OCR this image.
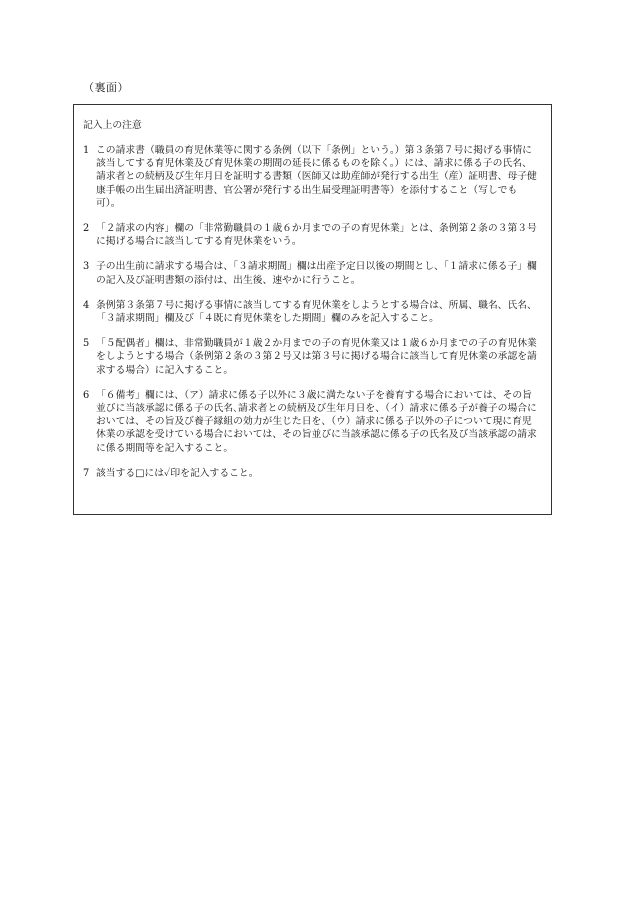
（裏面）
記入上の注意
1 この請求書（職員の育児休業等に関する条例（以下「条例」という。）第３条第７号に掲げる事情に該当してする育児休業及び育児休業の期間の延長に係るものを除く。）には、請求に係る子の氏名、請求者との続柄及び生年月日を証明する書類（医師又は助産師が発行する出生（産）証明書、母子健康手帳の出生届出済証明書、官公署が発行する出生届受理証明書等）を添付すること（写しでも可）。
2 「２請求の内容」欄の「非常勤職員の１歳６か月までの子の育児休業」とは、条例第２条の３第３号に掲げる場合に該当してする育児休業をいう。
3 子の出生前に請求する場合は、「３請求期間」欄は出産予定日以後の期間とし、「１請求に係る子」欄の記入及び証明書類の添付は、出生後、速やかに行うこと。
4 条例第３条第７号に掲げる事情に該当してする育児休業をしようとする場合は、所属、職名、氏名、「３請求期間」欄及び「４既に育児休業をした期間」欄のみを記入すること。
5 「５配偶者」欄は、非常勤職員が１歳２か月までの子の育児休業又は１歳６か月までの子の育児休業をしようとする場合（条例第２条の３第２号又は第３号に掲げる場合に該当して育児休業の承認を請求する場合）に記入すること。
6 「６備考」欄には、（ア）請求に係る子以外に３歳に満たない子を養育する場合においては、その旨並びに当該承認に係る子の氏名､請求者との続柄及び生年月日を、（イ）請求に係る子が養子の場合においては、その旨及び養子縁組の効力が生じた日を、（ウ）請求に係る子以外の子について現に育児休業の承認を受けている場合においては、その旨並びに当該承認に係る子の氏名及び当該承認の請求に係る期間等を記入すること。
7 該当する□には✓印を記入すること。
